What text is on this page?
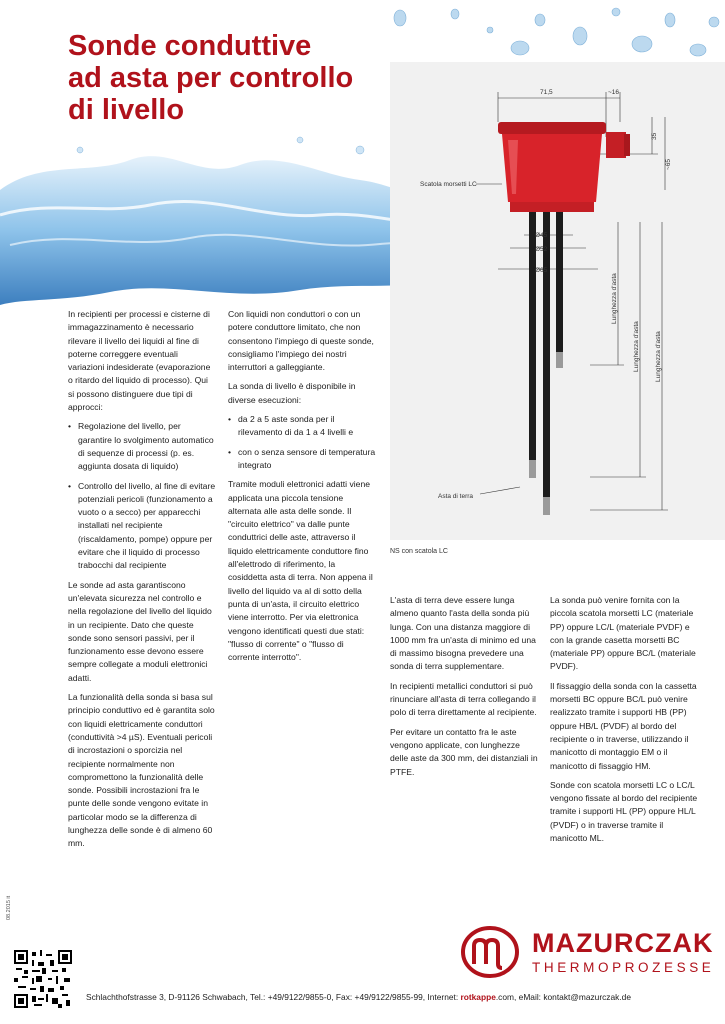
Sonde conduttive
ad asta per controllo
di livello
71,5	~16
35
~65
Scatola morsetti LC
Ø45
Ø52
Ø65
Lunghezza d'asta
Lunghezza d'asta Lunghezza d'asta
Asta di terra
NS con scatola LC

In recipienti per processi e cisterne di immagazzinamento è necessario rilevare il livello dei liquidi al fine di poterne correggere eventuali variazioni indesiderate (evaporazione o ritardo del liquido di processo). Qui si possono distinguere due tipi di approcci:

• Regolazione del livello, per garantire lo svolgimento automatico di sequenze di processi (p. es. aggiunta dosata di liquido)
• Controllo del livello, al fine di evitare potenziali pericoli (funzionamento a vuoto o a secco) per apparecchi installati nel recipiente (riscaldamento, pompe) oppure per evitare che il liquido di processo trabocchi dal recipiente

Le sonde ad asta garantiscono un'elevata sicurezza nel controllo e nella regolazione del livello del liquido in un recipiente. Dato che queste sonde sono sensori passivi, per il funzionamento esse devono essere sempre collegate a moduli elettronici adatti.

La funzionalità della sonda si basa sul principio conduttivo ed è garantita solo con liquidi elettricamente conduttori (conduttività >4 µS). Eventuali pericoli di incrostazioni o sporcizia nel recipiente normalmente non compromettono la funzionalità delle sonde. Possibili incrostazioni fra le punte delle sonde vengono evitate in particolar modo se la differenza di lunghezza delle sonde è di almeno 60 mm.

Con liquidi non conduttori o con un potere conduttore limitato, che non consentono l'impiego di queste sonde, consigliamo l'impiego dei nostri interruttori a galleggiante.

La sonda di livello è disponibile in diverse esecuzioni:

• da 2 a 5 aste sonda per il rilevamento di da 1 a 4 livelli e
• con o senza sensore di temperatura integrato

Tramite moduli elettronici adatti viene applicata una piccola tensione alternata alle asta delle sonde. Il "circuito elettrico" va dalle punte conduttrici delle aste, attraverso il liquido elettricamente conduttore fino all'elettrodo di riferimento, la cosiddetta asta di terra. Non appena il livello del liquido va al di sotto della punta di un'asta, il circuito elettrico viene interrotto. Per via elettronica vengono identificati questi due stati: "flusso di corrente" o "flusso di corrente interrotto".

L'asta di terra deve essere lunga almeno quanto l'asta della sonda più lunga. Con una distanza maggiore di 1000 mm fra un'asta di minimo ed una di massimo bisogna prevedere una sonda di terra supplementare.

In recipienti metallici conduttori si può rinunciare all'asta di terra collegando il polo di terra direttamente al recipiente.

Per evitare un contatto fra le aste vengono applicate, con lunghezze delle aste da 300 mm, dei distanziali in PTFE.

La sonda può venire fornita con la piccola scatola morsetti LC (materiale PP) oppure LC/L (materiale PVDF) e con la grande casetta morsetti BC (materiale PP) oppure BC/L (materiale PVDF).

Il fissaggio della sonda con la cassetta morsetti BC oppure BC/L può venire realizzato tramite i supporti HB (PP) oppure HB/L (PVDF) al bordo del recipiente o in traverse, utilizzando il manicotto di montaggio EM o il manicotto di fissaggio HM.

Sonde con scatola morsetti LC o LC/L vengono fissate al bordo del recipiente tramite i supporti HL (PP) oppure HL/L (PVDF) o in traverse tramite il manicotto ML.

08.2015 it
MAZURCZAK
THERMOPROZESSE
Schlachthofstrasse 3, D-91126 Schwabach, Tel.: +49/9122/9855-0, Fax: +49/9122/9855-99, Internet: rotkappe.com, eMail: kontakt@mazurczak.de
